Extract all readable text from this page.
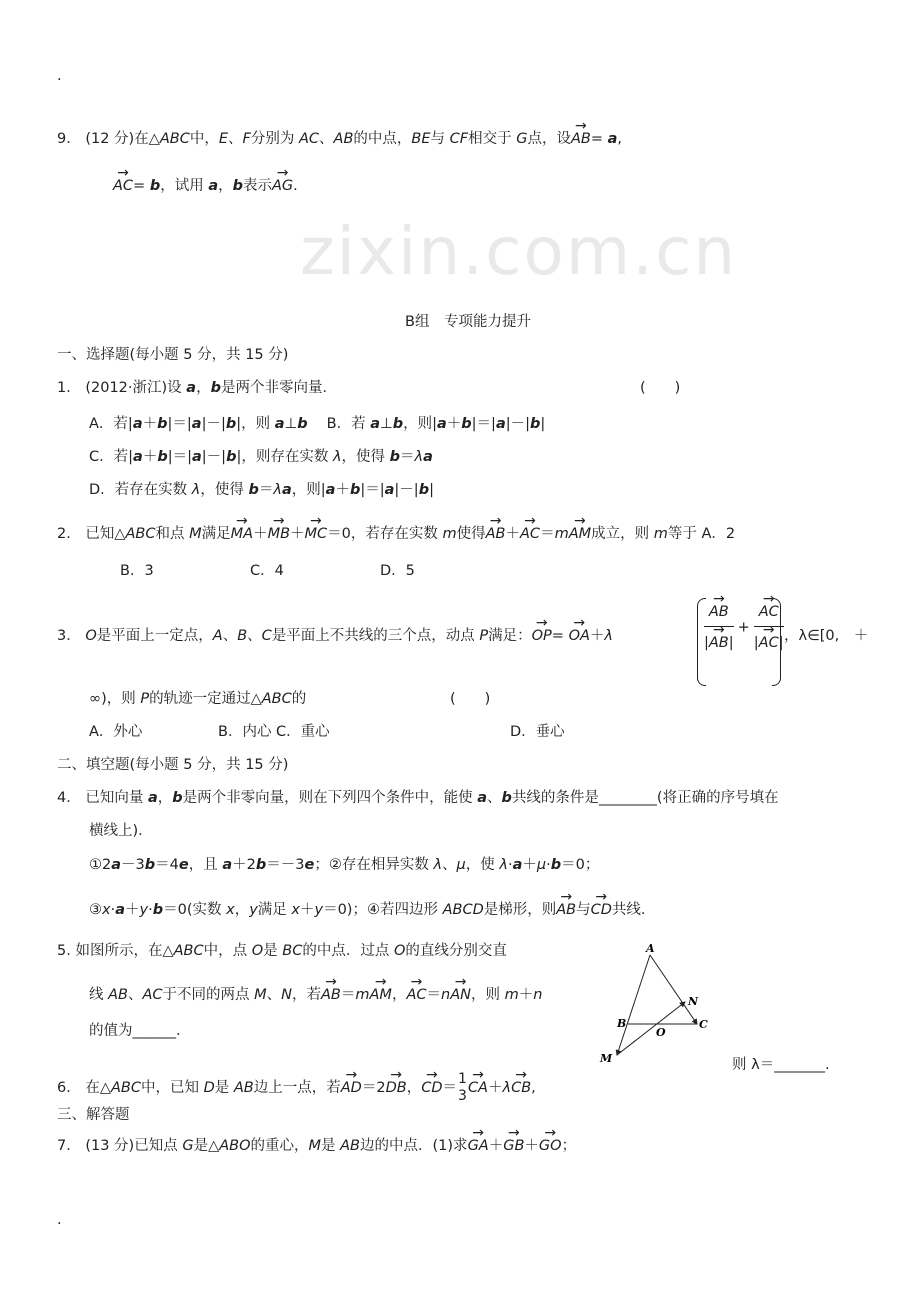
zixin.com.cn
.
9． (12 分)在△ABC中，E、F分别为 AC、AB的中点，BE与 CF相交于 G点，设→ AB= a,
→ AC= b，试用 a，b表示→ AG.
B组　专项能力提升
一、选择题(每小题 5 分，共 15 分)
1． (2012·浙江)设 a，b是两个非零向量．	(　　)
A．若|a＋b|＝|a|－|b|，则 a⊥b　 B．若 a⊥b，则|a＋b|＝|a|－|b|
C．若|a＋b|＝|a|－|b|，则存在实数 λ，使得 b＝λa
D．若存在实数 λ，使得 b＝λa，则|a＋b|＝|a|－|b|
2． 已知△ABC和点 M满足→ MA＋→ MB＋→ MC＝0，若存在实数 m使得→ AB＋→ AC＝m→ AM成立，则 m等于 A．2
B．3	C．4	D．5
3． O是平面上一定点，A、B、C是平面上不共线的三个点，动点 P满足：→ OP= → OA＋λ	→ AB
→ |AB| + → AC
→ |AC| ，λ∈[0,　＋
∞)，则 P的轨迹一定通过△ABC的	(　　)
A．外心	B．内心 C．重心	D．垂心
二、填空题(每小题 5 分，共 15 分)
4． 已知向量 a，b是两个非零向量，则在下列四个条件中，能使 a、b共线的条件是________(将正确的序号填在
横线上)．
①2a－3b＝4e，且 a＋2b＝－3e；②存在相异实数 λ、μ，使 λ·a＋μ·b＝0；
③x·a＋y·b＝0(实数 x，y满足 x＋y＝0)；④若四边形 ABCD是梯形，则→ AB与→ CD共线．
5. 如图所示，在△ABC中，点 O是 BC的中点．过点 O的直线分别交直
线 AB、AC于不同的两点 M、N，若→ AB＝m→ AM，→ AC＝n→ AN，则 m＋n
的值为______．
A
B	C
N
O
M	则 λ＝_______.
6． 在△ABC中，已知 D是 AB边上一点，若→ AD＝2→ DB，→ CD＝
1
3 → CA＋λ→ CB,
三、解答题
7． (13 分)已知点 G是△ABO的重心，M是 AB边的中点．(1)求→ GA＋→ GB＋→ GO；
.
